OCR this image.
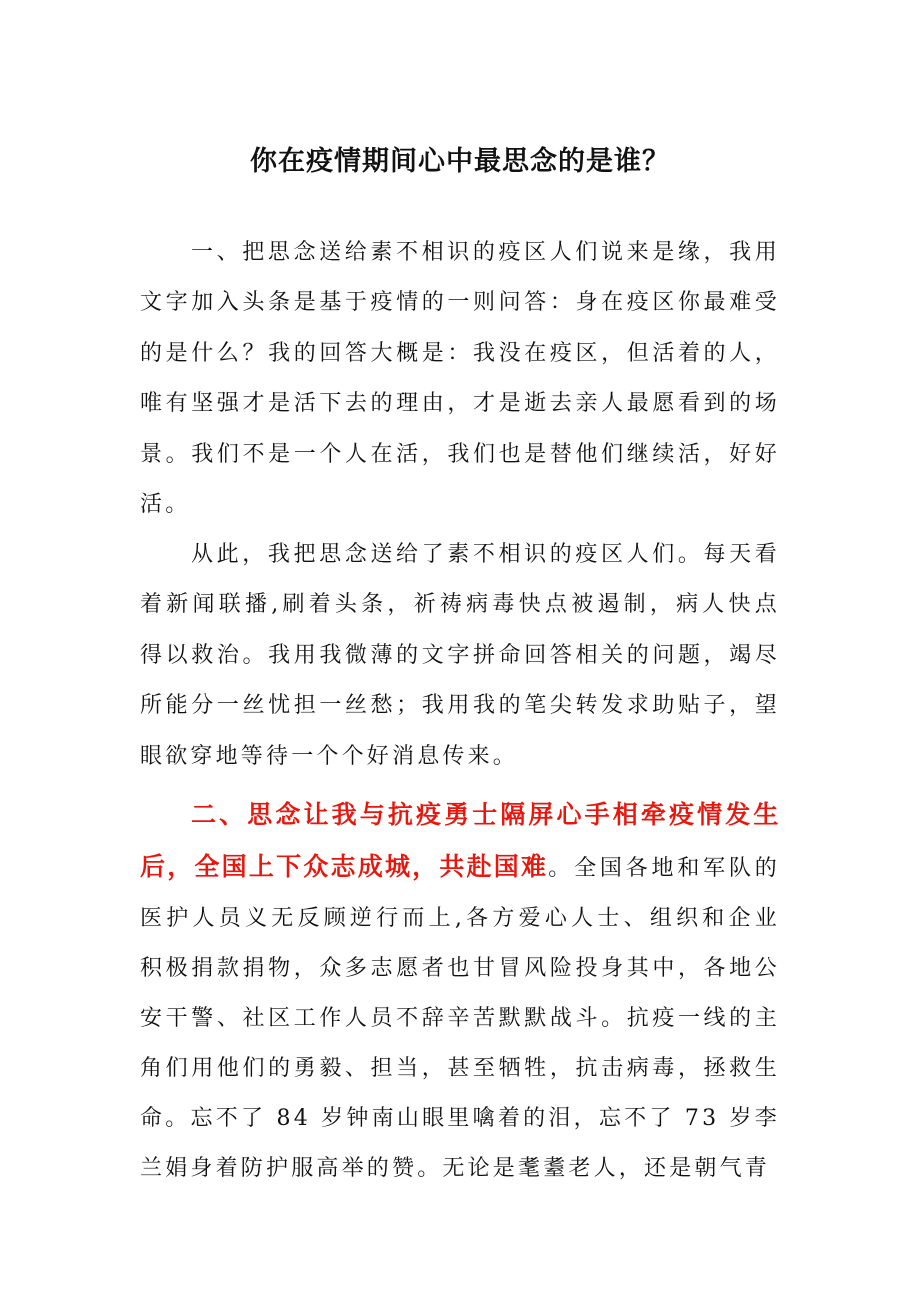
你在疫情期间心中最思念的是谁？

一、把思念送给素不相识的疫区人们说来是缘，我用文字加入头条是基于疫情的一则问答：身在疫区你最难受的是什么？我的回答大概是：我没在疫区，但活着的人，唯有坚强才是活下去的理由，才是逝去亲人最愿看到的场景。我们不是一个人在活，我们也是替他们继续活，好好活。

从此，我把思念送给了素不相识的疫区人们。每天看着新闻联播,刷着头条，祈祷病毒快点被遏制，病人快点得以救治。我用我微薄的文字拼命回答相关的问题，竭尽所能分一丝忧担一丝愁；我用我的笔尖转发求助贴子，望眼欲穿地等待一个个好消息传来。

二、思念让我与抗疫勇士隔屏心手相牵疫情发生后，全国上下众志成城，共赴国难。全国各地和军队的医护人员义无反顾逆行而上,各方爱心人士、组织和企业积极捐款捐物，众多志愿者也甘冒风险投身其中，各地公安干警、社区工作人员不辞辛苦默默战斗。抗疫一线的主角们用他们的勇毅、担当，甚至牺牲，抗击病毒，拯救生命。忘不了 84 岁钟南山眼里噙着的泪，忘不了 73 岁李兰娟身着防护服高举的赞。无论是耄耋老人，还是朝气青
